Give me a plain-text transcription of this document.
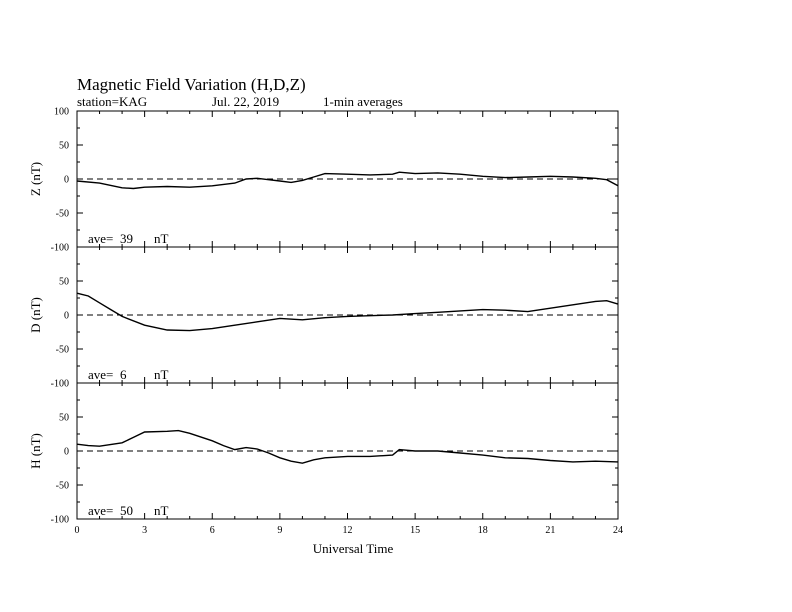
Magnetic Field Variation (H,D,Z)
station=KAG	Jul. 22, 2019	1-min averages
100
50
0
-50
-100
Z (nT)
ave= 39 nT
50
0
-50
-100
D (nT)
ave= 6 nT
50
0
-50
-100
H (nT)
ave= 50 nT
0	3	6	9	12	15	18	21	24
Universal Time
